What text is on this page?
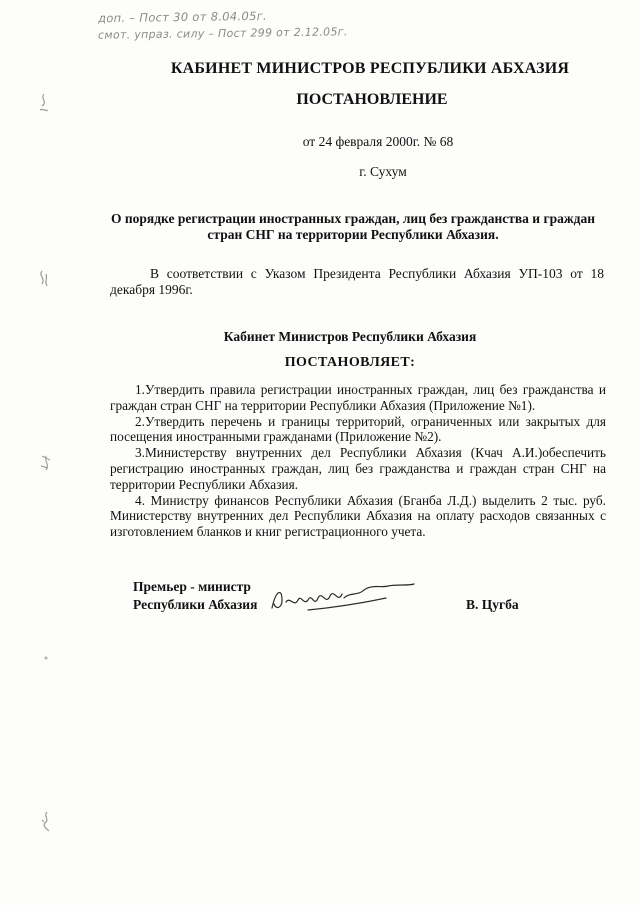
доп. – Пост 30 от 8.04.05г.
смот. упраз. силу – Пост 299 от 2.12.05г.
КАБИНЕТ МИНИСТРОВ РЕСПУБЛИКИ АБХАЗИЯ
ПОСТАНОВЛЕНИЕ
от 24 февраля 2000г. № 68
г. Сухум
О порядке регистрации иностранных граждан, лиц без гражданства и граждан
стран СНГ на территории Республики Абхазия.
В соответствии с Указом Президента Республики Абхазия УП-103 от 18 декабря 1996г.
Кабинет Министров Республики Абхазия
ПОСТАНОВЛЯЕТ:

1.Утвердить правила регистрации иностранных граждан, лиц без гражданства и граждан стран СНГ на территории Республики Абхазия (Приложение №1).

2.Утвердить перечень и границы территорий, ограниченных или закрытых для посещения иностранными гражданами (Приложение №2).

3.Министерству внутренних дел Республики Абхазия (Кчач А.И.)обеспечить регистрацию иностранных граждан, лиц без гражданства и граждан стран СНГ на территории Республики Абхазия.

4. Министру финансов Республики Абхазия (Бганба Л.Д.) выделить 2 тыс. руб. Министерству внутренних дел Республики Абхазия на оплату расходов связанных с изготовлением бланков и книг регистрационного учета.

Премьер - министр
Республики Абхазия	В. Цугба
